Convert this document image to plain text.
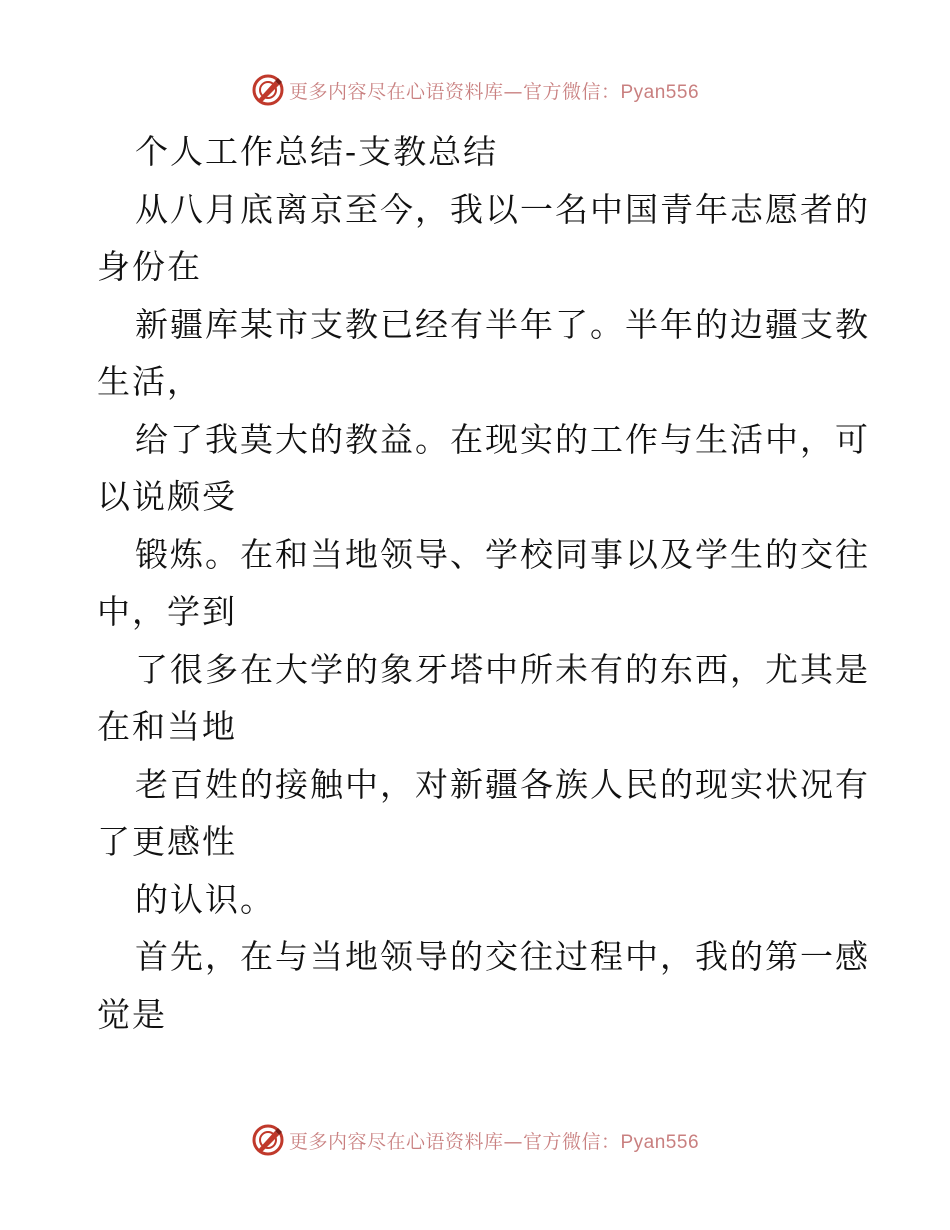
更多内容尽在心语资料库—官方微信：Pyan556
个人工作总结-支教总结
从八月底离京至今，我以一名中国青年志愿者的
身份在
新疆库某市支教已经有半年了。半年的边疆支教
生活，
给了我莫大的教益。在现实的工作与生活中，可
以说颇受
锻炼。在和当地领导、学校同事以及学生的交往
中，学到
了很多在大学的象牙塔中所未有的东西，尤其是
在和当地
老百姓的接触中，对新疆各族人民的现实状况有
了更感性
的认识。
首先，在与当地领导的交往过程中，我的第一感
觉是
更多内容尽在心语资料库—官方微信：Pyan556
